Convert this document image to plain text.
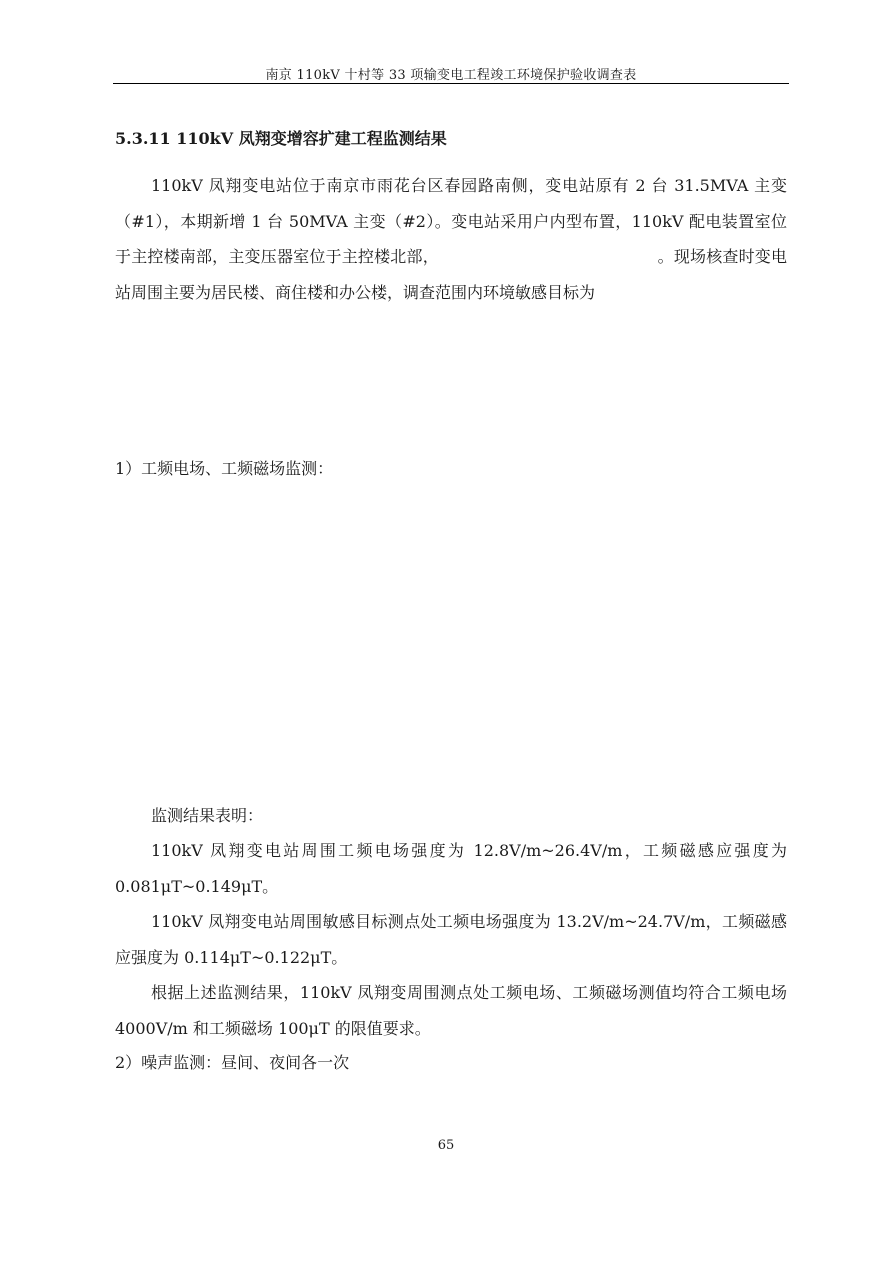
南京 110kV 十村等 33 项输变电工程竣工环境保护验收调查表
5.3.11 110kV 凤翔变增容扩建工程监测结果

110kV 凤翔变电站位于南京市雨花台区春园路南侧，变电站原有 2 台 31.5MVA 主变（#1），本期新增 1 台 50MVA 主变（#2）。变电站采用户内型布置，110kV 配电装置室位于主控楼南部，主变压器室位于主控楼北部，　　　　　　　　　　　　　　。现场核查时变电站周围主要为居民楼、商住楼和办公楼，调查范围内环境敏感目标为

1）工频电场、工频磁场监测：

监测结果表明：

110kV 凤翔变电站周围工频电场强度为 12.8V/m~26.4V/m，工频磁感应强度为 0.081μT~0.149μT。

110kV 凤翔变电站周围敏感目标测点处工频电场强度为 13.2V/m~24.7V/m，工频磁感应强度为 0.114μT~0.122μT。

根据上述监测结果，110kV 凤翔变周围测点处工频电场、工频磁场测值均符合工频电场 4000V/m 和工频磁场 100μT 的限值要求。

2）噪声监测：昼间、夜间各一次
65
